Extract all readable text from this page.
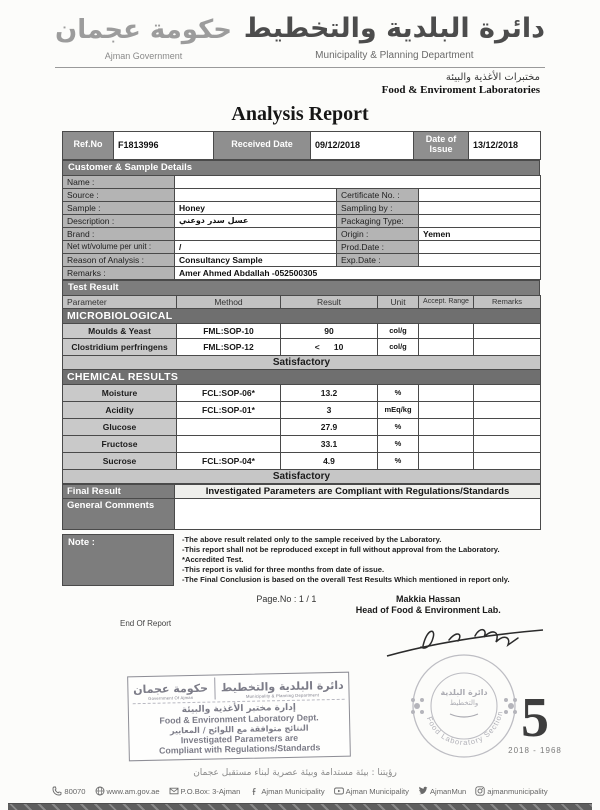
حكومة عجمان
Ajman Government
دائرة البلدية والتخطيط
Municipality & Planning Department
مختبرات الأغذية والبيئة
Food & Enviroment Laboratories
Analysis Report
Ref.No	F1813996	Received Date	09/12/2018	Date of Issue	13/12/2018
Customer & Sample Details
Name :			
Source :		Certificate No. :	
Sample :	Honey	Sampling by :	
Description :	عسل سدر دوعني	Packaging Type:	
Brand :		Origin :	Yemen
Net wt/volume per unit :	/	Prod.Date :	
Reason of Analysis :	Consultancy Sample	Exp.Date :	
Remarks :	Amer Ahmed Abdallah -052500305		
Test Result
Parameter	Method	Result	Unit	Accept. Range	Remarks
MICROBIOLOGICAL					
Moulds & Yeast	FML:SOP-10	90	col/g		
Clostridium perfringens	FML:SOP-12	<      10	col/g		
Satisfactory					
CHEMICAL RESULTS					
Moisture	FCL:SOP-06*	13.2	%		
Acidity	FCL:SOP-01*	3	mEq/kg		
Glucose		27.9	%		
Fructose		33.1	%		
Sucrose	FCL:SOP-04*	4.9	%		
Satisfactory					
Final Result	Investigated Parameters are Compliant with Regulations/Standards
General Comments	
Note :	-The above result related only to the sample received by the Laboratory.
-This report shall not be reproduced except in full without approval from the Laboratory.
*Accredited Test.
-This report is valid for three months from date of issue.
-The Final Conclusion is based on the overall Test Results Which mentioned in report only.
Page.No : 1 / 1	Makkia Hassan
Head of Food & Environment Lab.
End Of Report
دائرة البلدية
والتخطيط
Food Laboratory Section
حكومة عجمان
Government Of Ajman
دائرة البلدية والتخطيط
Municipality & Planning Department
إدارة مختبر الأغذية والبيئة
Food & Environment Laboratory Dept.
النتائج متوافقة مع اللوائح / المعايير
Investigated Parameters are
Compliant with Regulations/Standards
5
2018 - 1968
رؤيتنا : بيئة مستدامة وبيئة عصرية لبناء مستقبل عجمان
80070	www.am.gov.ae	P.O.Box: 3-Ajman	Ajman Municipality	Ajman Municipality	AjmanMun	ajmanmunicipality
